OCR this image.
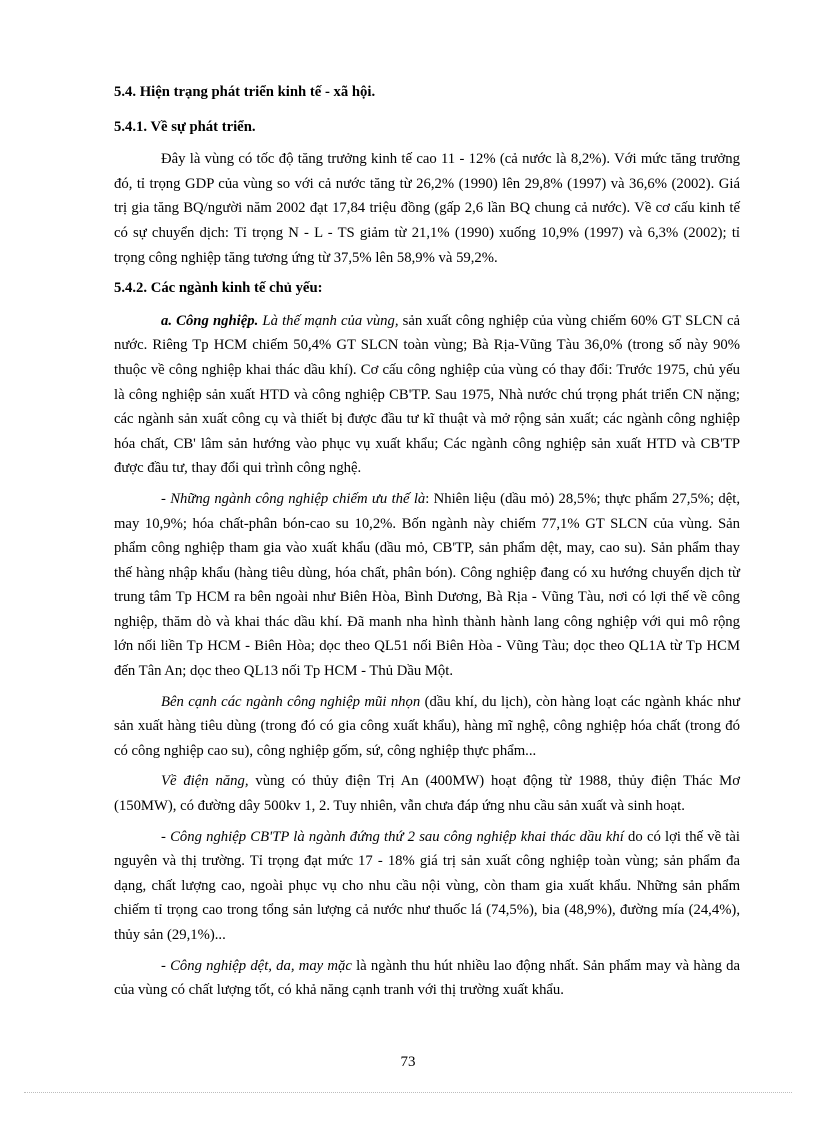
5.4. Hiện trạng phát triển kinh tế - xã hội.

5.4.1. Về sự phát triển.

Đây là vùng có tốc độ tăng trưởng kinh tế cao 11 - 12% (cả nước là 8,2%). Với mức tăng trưởng đó, tỉ trọng GDP của vùng so với cả nước tăng từ 26,2% (1990) lên 29,8% (1997) và 36,6% (2002). Giá trị gia tăng BQ/người năm 2002 đạt 17,84 triệu đồng (gấp 2,6 lần BQ chung cả nước). Về cơ cấu kinh tế có sự chuyển dịch: Tỉ trọng N - L - TS giảm từ 21,1% (1990) xuống 10,9% (1997) và 6,3% (2002); tỉ trọng công nghiệp tăng tương ứng từ 37,5% lên 58,9% và 59,2%.

5.4.2. Các ngành kinh tế chủ yếu:

a. Công nghiệp. Là thế mạnh của vùng, sản xuất công nghiệp của vùng chiếm 60% GT SLCN cả nước. Riêng Tp HCM chiếm 50,4% GT SLCN toàn vùng; Bà Rịa-Vũng Tàu 36,0% (trong số này 90% thuộc về công nghiệp khai thác dầu khí). Cơ cấu công nghiệp của vùng có thay đổi: Trước 1975, chủ yếu là công nghiệp sản xuất HTD và công nghiệp CB'TP. Sau 1975, Nhà nước chú trọng phát triển CN nặng; các ngành sản xuất công cụ và thiết bị được đầu tư kĩ thuật và mở rộng sản xuất; các ngành công nghiệp hóa chất, CB' lâm sản hướng vào phục vụ xuất khẩu; Các ngành công nghiệp sản xuất HTD và CB'TP được đầu tư, thay đổi qui trình công nghệ.

- Những ngành công nghiệp chiếm ưu thế là: Nhiên liệu (dầu mỏ) 28,5%; thực phẩm 27,5%; dệt, may 10,9%; hóa chất-phân bón-cao su 10,2%. Bốn ngành này chiếm 77,1% GT SLCN của vùng. Sản phẩm công nghiệp tham gia vào xuất khẩu (dầu mỏ, CB'TP, sản phẩm dệt, may, cao su). Sản phẩm thay thế hàng nhập khẩu (hàng tiêu dùng, hóa chất, phân bón). Công nghiệp đang có xu hướng chuyển dịch từ trung tâm Tp HCM ra bên ngoài như Biên Hòa, Bình Dương, Bà Rịa - Vũng Tàu, nơi có lợi thế về công nghiệp, thăm dò và khai thác dầu khí. Đã manh nha hình thành hành lang công nghiệp với qui mô rộng lớn nối liền Tp HCM - Biên Hòa; dọc theo QL51 nối Biên Hòa - Vũng Tàu; dọc theo QL1A từ Tp HCM đến Tân An; dọc theo QL13 nối Tp HCM - Thủ Dầu Một.

Bên cạnh các ngành công nghiệp mũi nhọn (dầu khí, du lịch), còn hàng loạt các ngành khác như sản xuất hàng tiêu dùng (trong đó có gia công xuất khẩu), hàng mĩ nghệ, công nghiệp hóa chất (trong đó có công nghiệp cao su), công nghiệp gốm, sứ, công nghiệp thực phẩm...

Về điện năng, vùng có thủy điện Trị An (400MW) hoạt động từ 1988, thủy điện Thác Mơ (150MW), có đường dây 500kv 1, 2. Tuy nhiên, vẫn chưa đáp ứng nhu cầu sản xuất và sinh hoạt.

- Công nghiệp CB'TP là ngành đứng thứ 2 sau công nghiệp khai thác dầu khí do có lợi thế về tài nguyên và thị trường. Tỉ trọng đạt mức 17 - 18% giá trị sản xuất công nghiệp toàn vùng; sản phẩm đa dạng, chất lượng cao, ngoài phục vụ cho nhu cầu nội vùng, còn tham gia xuất khẩu. Những sản phẩm chiếm tỉ trọng cao trong tổng sản lượng cả nước như thuốc lá (74,5%), bia (48,9%), đường mía (24,4%), thủy sản (29,1%)...

- Công nghiệp dệt, da, may mặc là ngành thu hút nhiều lao động nhất. Sản phẩm may và hàng da của vùng có chất lượng tốt, có khả năng cạnh tranh với thị trường xuất khẩu.

73
